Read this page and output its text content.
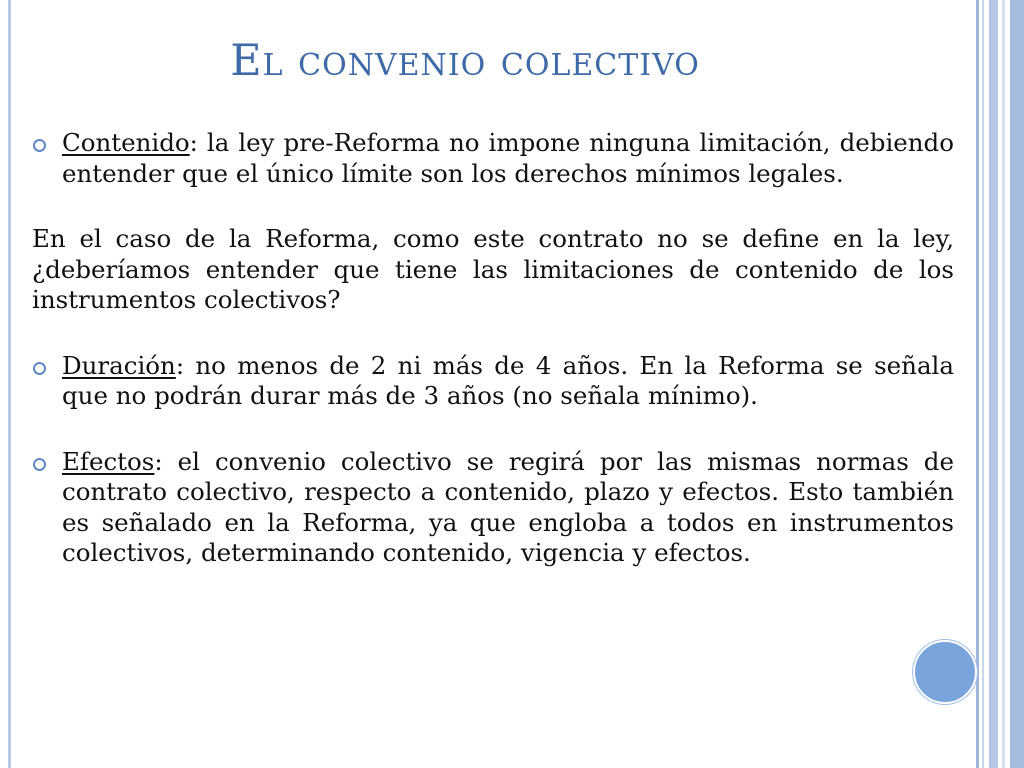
El convenio colectivo

Contenido: la ley pre-Reforma no impone ninguna limitación, debiendo entender que el único límite son los derechos mínimos legales.

En el caso de la Reforma, como este contrato no se define en la ley, ¿deberíamos entender que tiene las limitaciones de contenido de los instrumentos colectivos?

Duración: no menos de 2 ni más de 4 años. En la Reforma se señala que no podrán durar más de 3 años (no señala mínimo).

Efectos: el convenio colectivo se regirá por las mismas normas de contrato colectivo, respecto a contenido, plazo y efectos. Esto también es señalado en la Reforma, ya que engloba a todos en instrumentos colectivos, determinando contenido, vigencia y efectos.
